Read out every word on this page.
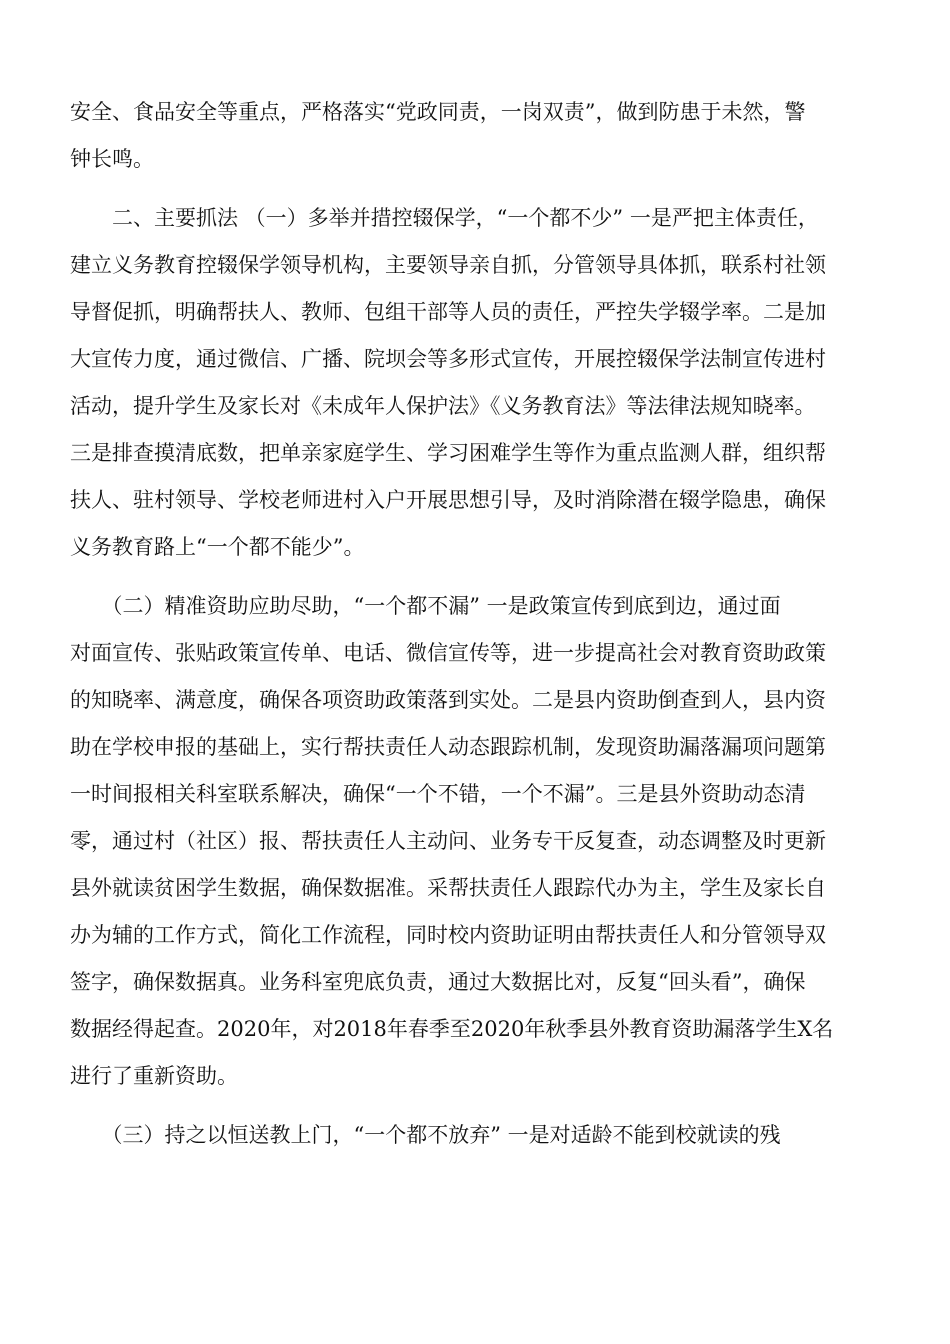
安全、食品安全等重点，严格落实“党政同责，一岗双责”，做到防患于未然，警
钟长鸣。
　　二、主要抓法 （一）多举并措控辍保学，“一个都不少” 一是严把主体责任，
建立义务教育控辍保学领导机构，主要领导亲自抓，分管领导具体抓，联系村社领
导督促抓，明确帮扶人、教师、包组干部等人员的责任，严控失学辍学率。二是加
大宣传力度，通过微信、广播、院坝会等多形式宣传，开展控辍保学法制宣传进村
活动，提升学生及家长对《未成年人保护法》《义务教育法》等法律法规知晓率。
三是排查摸清底数，把单亲家庭学生、学习困难学生等作为重点监测人群，组织帮
扶人、驻村领导、学校老师进村入户开展思想引导，及时消除潜在辍学隐患，确保
义务教育路上“一个都不能少”。
　　（二）精准资助应助尽助，“一个都不漏” 一是政策宣传到底到边，通过面
对面宣传、张贴政策宣传单、电话、微信宣传等，进一步提高社会对教育资助政策
的知晓率、满意度，确保各项资助政策落到实处。二是县内资助倒查到人，县内资
助在学校申报的基础上，实行帮扶责任人动态跟踪机制，发现资助漏落漏项问题第
一时间报相关科室联系解决，确保“一个不错，一个不漏”。三是县外资助动态清
零，通过村（社区）报、帮扶责任人主动问、业务专干反复查，动态调整及时更新
县外就读贫困学生数据，确保数据准。采帮扶责任人跟踪代办为主，学生及家长自
办为辅的工作方式，简化工作流程，同时校内资助证明由帮扶责任人和分管领导双
签字，确保数据真。业务科室兜底负责，通过大数据比对，反复“回头看”，确保
数据经得起查。2020年，对2018年春季至2020年秋季县外教育资助漏落学生X名
进行了重新资助。
　　（三）持之以恒送教上门，“一个都不放弃” 一是对适龄不能到校就读的残
